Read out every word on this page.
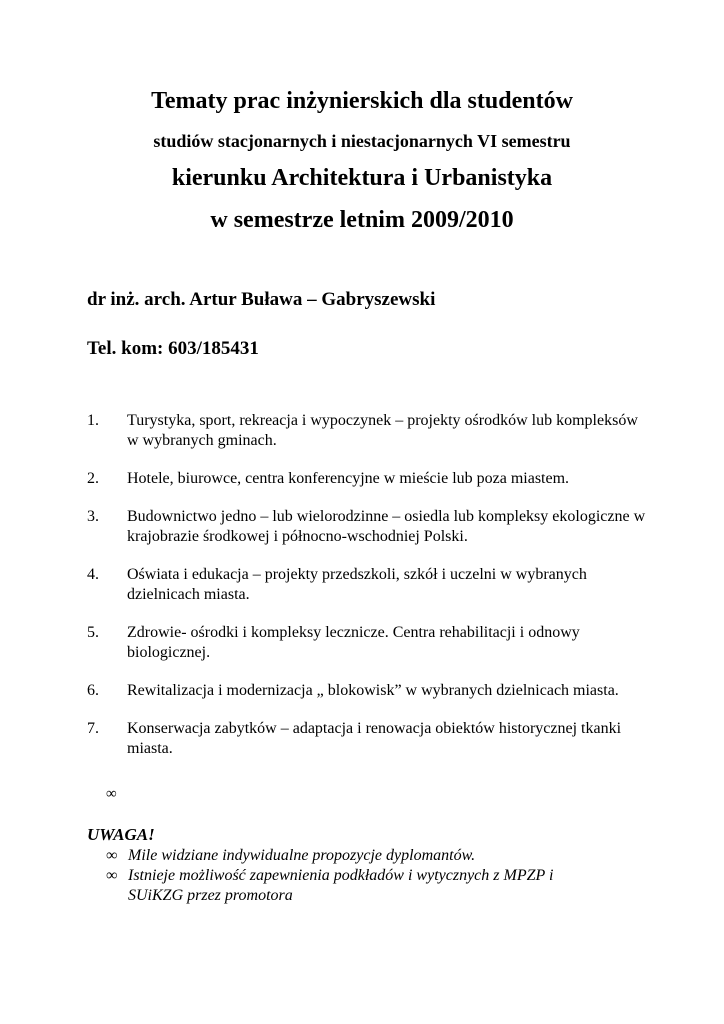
Tematy prac inżynierskich dla studentów
studiów stacjonarnych i niestacjonarnych VI semestru
kierunku Architektura i Urbanistyka
w semestrze letnim 2009/2010
dr inż. arch. Artur Buława – Gabryszewski
Tel. kom: 603/185431
1. Turystyka, sport, rekreacja i wypoczynek – projekty ośrodków lub kompleksów w wybranych gminach.
2. Hotele, biurowce, centra konferencyjne w mieście lub poza miastem.
3. Budownictwo jedno – lub wielorodzinne – osiedla lub kompleksy ekologiczne w krajobrazie środkowej i północno-wschodniej Polski.
4. Oświata i edukacja – projekty przedszkoli, szkół i uczelni w wybranych dzielnicach miasta.
5. Zdrowie- ośrodki i kompleksy lecznicze. Centra rehabilitacji i odnowy biologicznej.
6. Rewitalizacja i modernizacja „ blokowisk” w wybranych dzielnicach miasta.
7. Konserwacja zabytków – adaptacja i renowacja obiektów historycznej tkanki miasta.
∞
UWAGA!
∞ Mile widziane indywidualne propozycje dyplomantów.
∞ Istnieje możliwość zapewnienia podkładów i wytycznych z MPZP i SUiKZG przez promotora
